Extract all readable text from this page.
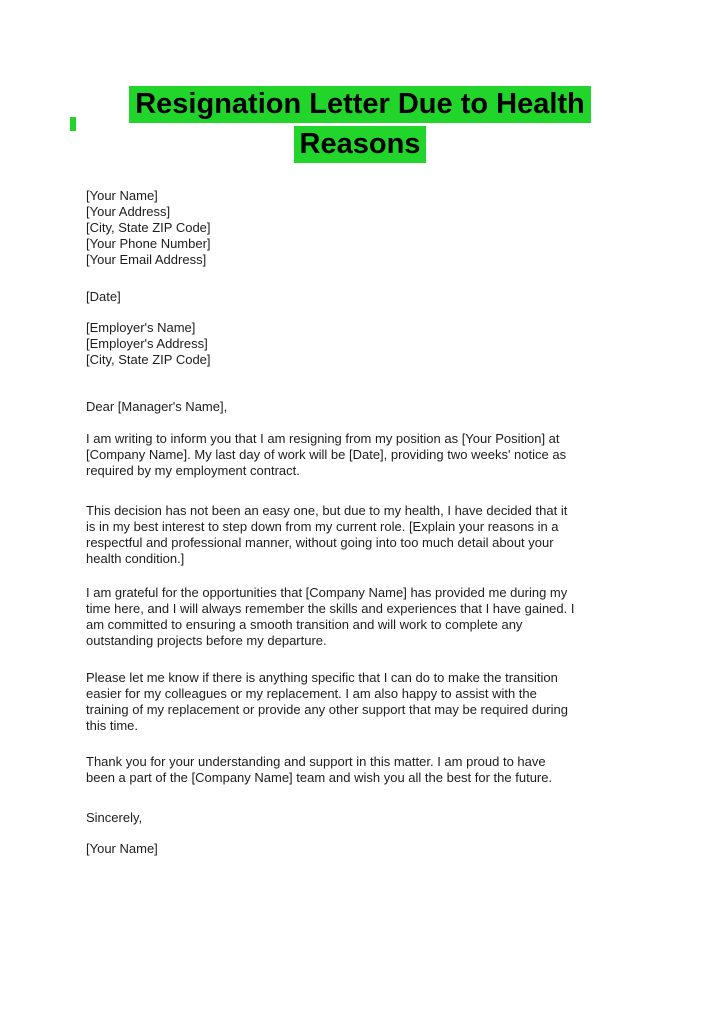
Resignation Letter Due to Health
Reasons
[Your Name]
[Your Address]
[City, State ZIP Code]
[Your Phone Number]
[Your Email Address]
[Date]
[Employer's Name]
[Employer's Address]
[City, State ZIP Code]
Dear [Manager's Name],
I am writing to inform you that I am resigning from my position as [Your Position] at
[Company Name]. My last day of work will be [Date], providing two weeks' notice as
required by my employment contract.
This decision has not been an easy one, but due to my health, I have decided that it
is in my best interest to step down from my current role. [Explain your reasons in a
respectful and professional manner, without going into too much detail about your
health condition.]
I am grateful for the opportunities that [Company Name] has provided me during my
time here, and I will always remember the skills and experiences that I have gained. I
am committed to ensuring a smooth transition and will work to complete any
outstanding projects before my departure.
Please let me know if there is anything specific that I can do to make the transition
easier for my colleagues or my replacement. I am also happy to assist with the
training of my replacement or provide any other support that may be required during
this time.
Thank you for your understanding and support in this matter. I am proud to have
been a part of the [Company Name] team and wish you all the best for the future.
Sincerely,
[Your Name]
